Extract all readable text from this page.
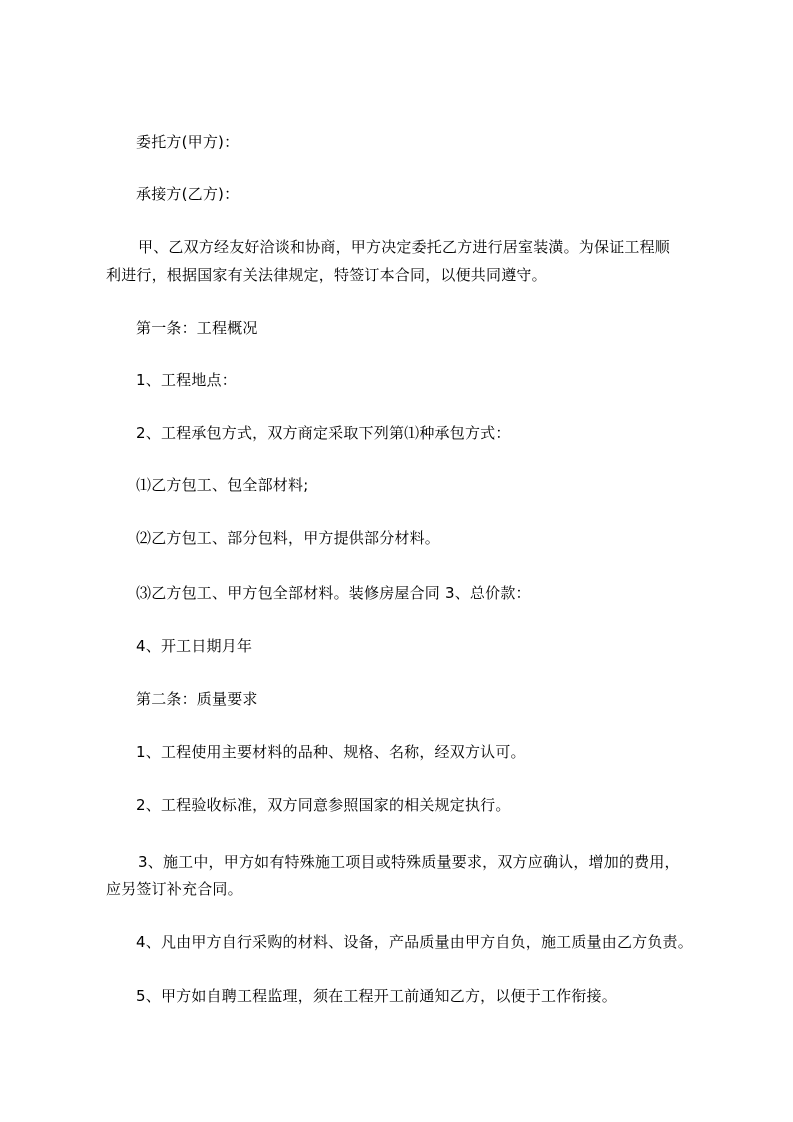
委托方(甲方)：
承接方(乙方)：
甲、乙双方经友好洽谈和协商，甲方决定委托乙方进行居室装潢。为保证工程顺
利进行，根据国家有关法律规定，特签订本合同，以便共同遵守。
第一条：工程概况
1、工程地点：
2、工程承包方式，双方商定采取下列第⑴种承包方式：
⑴乙方包工、包全部材料;
⑵乙方包工、部分包料，甲方提供部分材料。
⑶乙方包工、甲方包全部材料。装修房屋合同 3、总价款：
4、开工日期月年
第二条：质量要求
1、工程使用主要材料的品种、规格、名称，经双方认可。
2、工程验收标准，双方同意参照国家的相关规定执行。
3、施工中，甲方如有特殊施工项目或特殊质量要求，双方应确认，增加的费用，
应另签订补充合同。
4、凡由甲方自行采购的材料、设备，产品质量由甲方自负，施工质量由乙方负责。
5、甲方如自聘工程监理，须在工程开工前通知乙方，以便于工作衔接。
